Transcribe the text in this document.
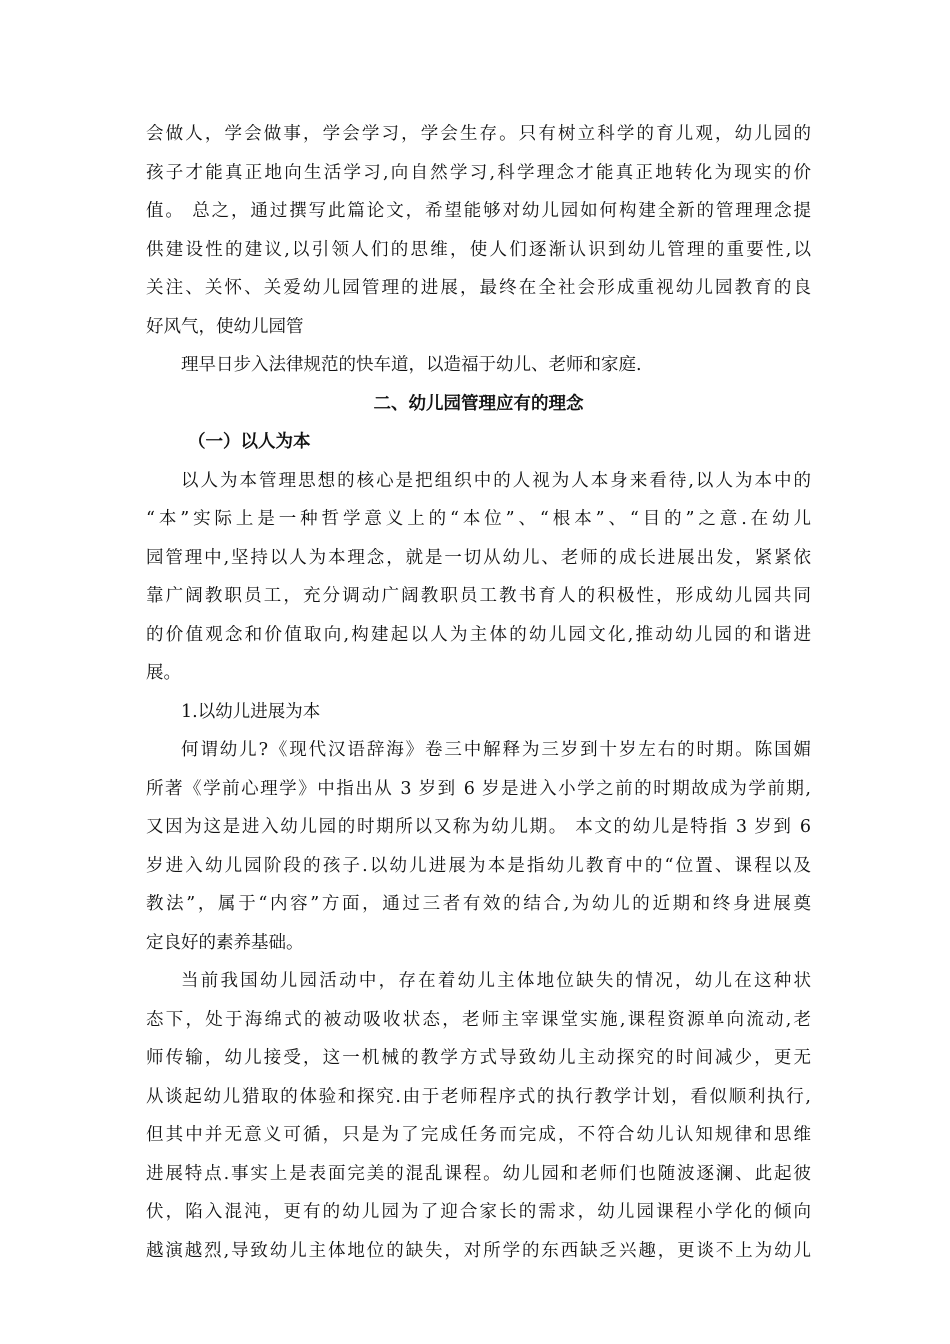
会做人，学会做事，学会学习，学会生存。只有树立科学的育儿观，幼儿园的
孩子才能真正地向生活学习,向自然学习,科学理念才能真正地转化为现实的价
值。 总之，通过撰写此篇论文，希望能够对幼儿园如何构建全新的管理理念提
供建设性的建议,以引领人们的思维，使人们逐渐认识到幼儿管理的重要性,以
关注、关怀、关爱幼儿园管理的进展，最终在全社会形成重视幼儿园教育的良
好风气，使幼儿园管
理早日步入法律规范的快车道，以造福于幼儿、老师和家庭.
二、幼儿园管理应有的理念
（一）以人为本
以人为本管理思想的核心是把组织中的人视为人本身来看待,以人为本中的
“本”实际上是一种哲学意义上的“本位”、“根本”、“目的”之意.在幼儿
园管理中,坚持以人为本理念，就是一切从幼儿、老师的成长进展出发，紧紧依
靠广阔教职员工，充分调动广阔教职员工教书育人的积极性，形成幼儿园共同
的价值观念和价值取向,构建起以人为主体的幼儿园文化,推动幼儿园的和谐进
展。
1.以幼儿进展为本
何谓幼儿?《现代汉语辞海》卷三中解释为三岁到十岁左右的时期。陈国媚
所著《学前心理学》中指出从 3 岁到 6 岁是进入小学之前的时期故成为学前期,
又因为这是进入幼儿园的时期所以又称为幼儿期。 本文的幼儿是特指 3 岁到 6
岁进入幼儿园阶段的孩子.以幼儿进展为本是指幼儿教育中的“位置、课程以及
教法”，属于“内容”方面，通过三者有效的结合,为幼儿的近期和终身进展奠
定良好的素养基础。
当前我国幼儿园活动中，存在着幼儿主体地位缺失的情况，幼儿在这种状
态下，处于海绵式的被动吸收状态，老师主宰课堂实施,课程资源单向流动,老
师传输，幼儿接受，这一机械的教学方式导致幼儿主动探究的时间减少，更无
从谈起幼儿猎取的体验和探究.由于老师程序式的执行教学计划，看似顺利执行,
但其中并无意义可循，只是为了完成任务而完成，不符合幼儿认知规律和思维
进展特点.事实上是表面完美的混乱课程。幼儿园和老师们也随波逐澜、此起彼
伏，陷入混沌，更有的幼儿园为了迎合家长的需求，幼儿园课程小学化的倾向
越演越烈,导致幼儿主体地位的缺失，对所学的东西缺乏兴趣，更谈不上为幼儿
